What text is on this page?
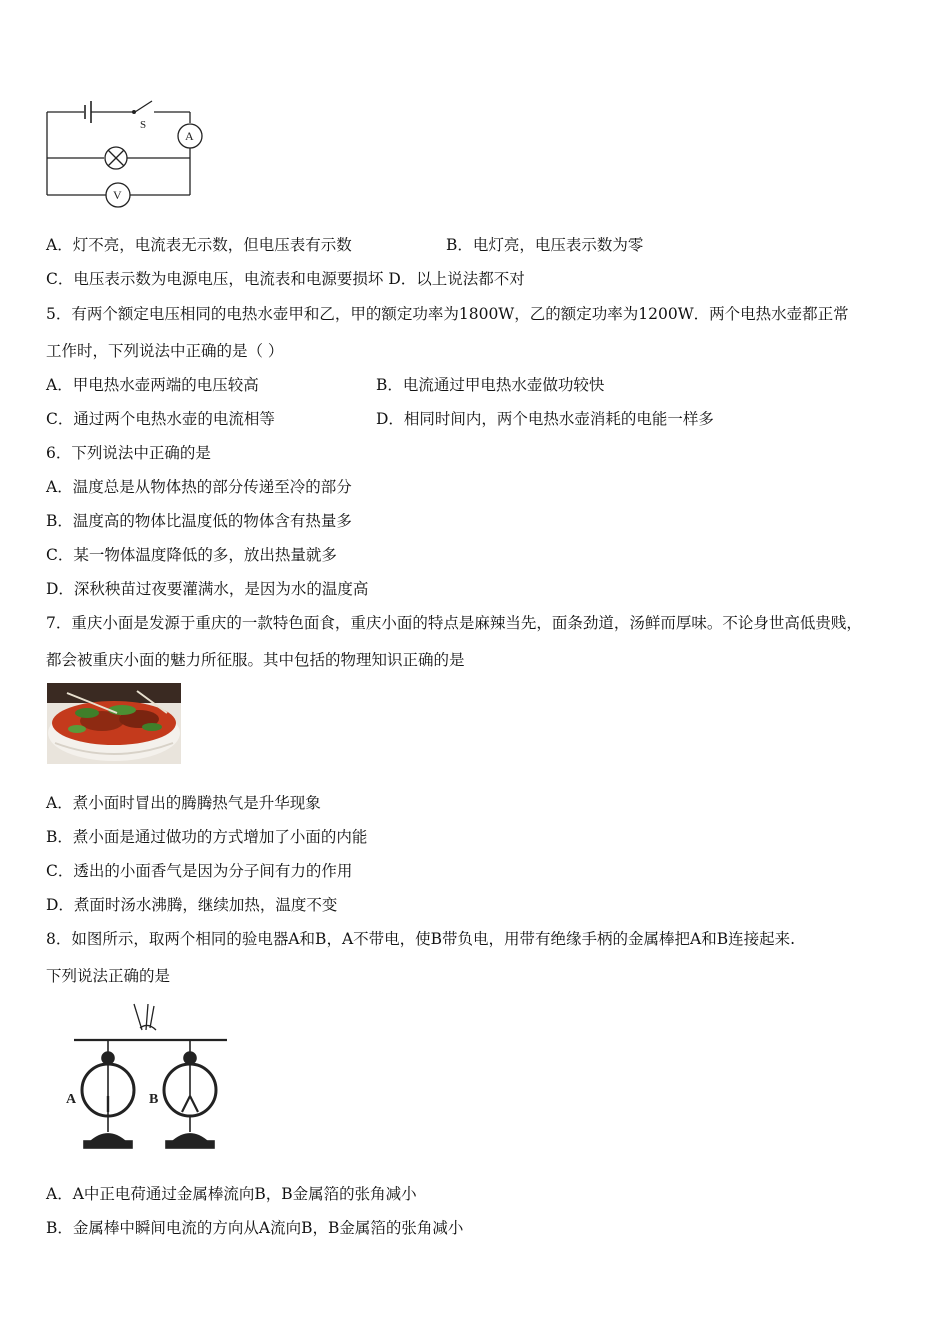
S
A
V
A．灯不亮，电流表无示数，但电压表有示数	B．电灯亮，电压表示数为零
C．电压表示数为电源电压，电流表和电源要损坏 D．以上说法都不对
5．有两个额定电压相同的电热水壶甲和乙，甲的额定功率为1800W，乙的额定功率为1200W．两个电热水壶都正常
工作时，下列说法中正确的是（ ）
A．甲电热水壶两端的电压较高	B．电流通过甲电热水壶做功较快
C．通过两个电热水壶的电流相等	D．相同时间内，两个电热水壶消耗的电能一样多
6．下列说法中正确的是
A．温度总是从物体热的部分传递至冷的部分
B．温度高的物体比温度低的物体含有热量多
C．某一物体温度降低的多，放出热量就多
D．深秋秧苗过夜要灌满水，是因为水的温度高
7．重庆小面是发源于重庆的一款特色面食，重庆小面的特点是麻辣当先，面条劲道，汤鲜而厚味。不论身世高低贵贱，
都会被重庆小面的魅力所征服。其中包括的物理知识正确的是
A．煮小面时冒出的腾腾热气是升华现象
B．煮小面是通过做功的方式增加了小面的内能
C．透出的小面香气是因为分子间有力的作用
D．煮面时汤水沸腾，继续加热，温度不变
8．如图所示，取两个相同的验电器A和B，A不带电，使B带负电，用带有绝缘手柄的金属棒把A和B连接起来.
下列说法正确的是
A	B
A．A中正电荷通过金属棒流向B，B金属箔的张角减小
B．金属棒中瞬间电流的方向从A流向B，B金属箔的张角减小
